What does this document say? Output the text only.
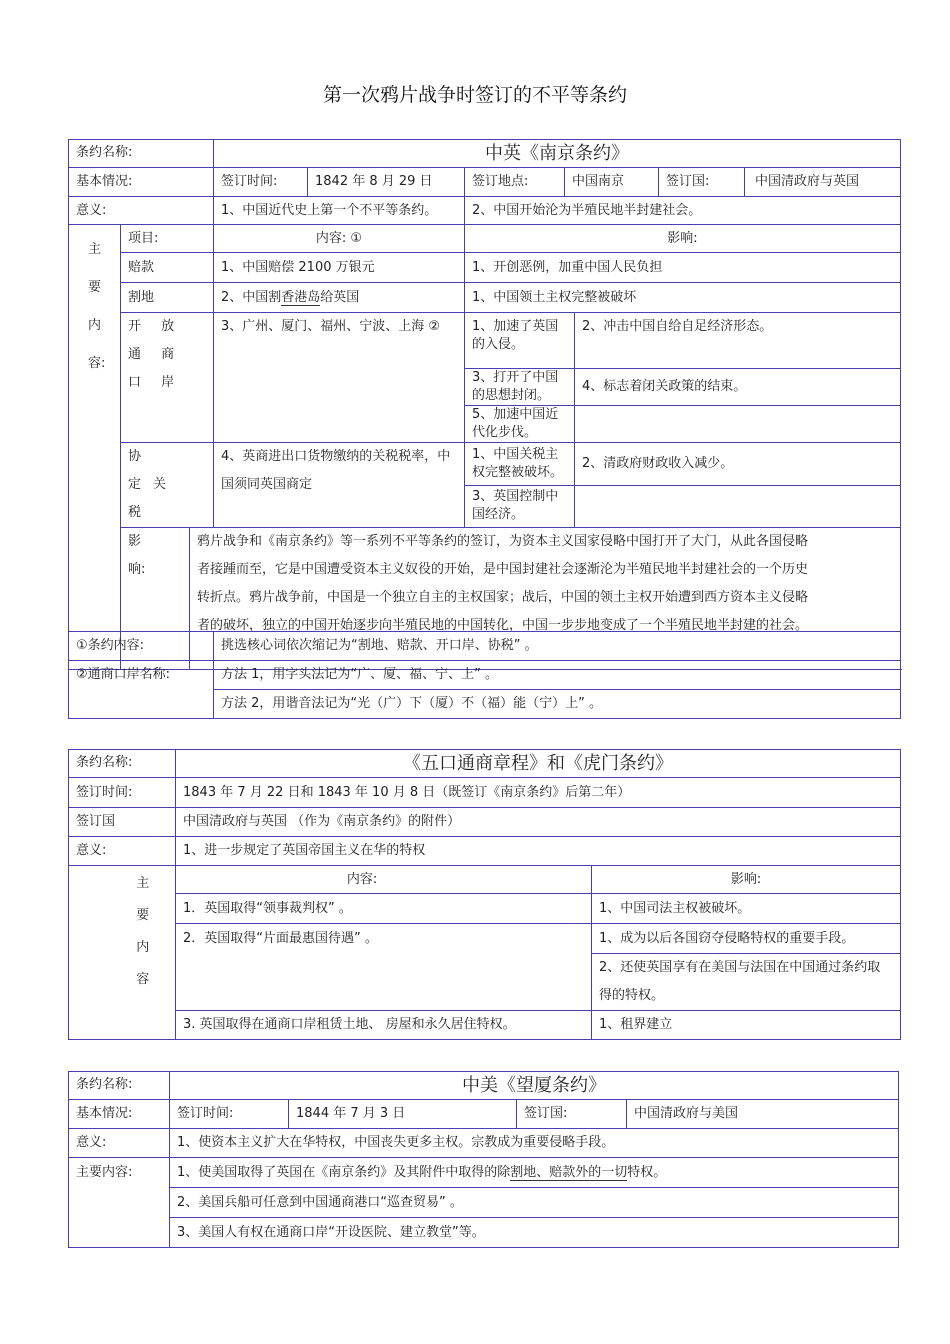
第一次鸦片战争时签订的不平等条约
条约名称:			中英《南京条约》					
基本情况:			签订时间:	1842 年 8 月 29 日	签订地点:	中国南京		签订国: 中国清政府与英国

意义:			1、中国近代史上第一个不平等条约。		2、中国开始沦为半殖民地半封建社会。			

主要内容:	项目:		内容: ①		影响:			
	赔款		1、中国赔偿 2100 万银元		1、开创恶例，加重中国人民负担			
	割地		2、中国割香港岛给英国		1、中国领土主权完整被破坏			

	开 放通 商口 岸		3、广州、厦门、福州、宁波、上海 ②		1、加速了英国的入侵。		2、冲击中国自给自足经济形态。	
					3、打开了中国的思想封闭。		4、标志着闭关政策的结束。	
					5、加速中国近代化步伐。			

	协 定关 税		4、英商进出口货物缴纳的关税税率，中国须同英国商定		1、中国关税主权完整被破坏。		2、清政府财政收入减少。	
					3、英国控制中国经济。			

	影响:	鸦片战争和《南京条约》等一系列不平等条约的签订，为资本主义国家侵略中国打开了大门，从此各国侵略者接踵而至，它是中国遭受资本主义奴役的开始，是中国封建社会逐渐沦为半殖民地半封建社会的一个历史转折点。鸦片战争前，中国是一个独立自主的主权国家；战后，中国的领土主权开始遭到西方资本主义侵略者的破坏，独立的中国开始逐步向半殖民地的中国转化，中国一步步地变成了一个半殖民地半封建的社会。						
①条约内容:	挑选核心词依次缩记为“割地、赔款、开口岸、协税” 。
②通商口岸名称:	方法 1，用字头法记为“广、厦、福、宁、上” 。
	方法 2，用谐音法记为“光（广）下（厦）不（福）能（宁）上” 。
条约名称:		《五口通商章程》和《虎门条约》	
签订时间:		1843 年 7 月 22 日和 1843 年 10 月 8 日（既签订《南京条约》后第二年）	
签订国		中国清政府与英国 （作为《南京条约》的附件）	
意义:		1、进一步规定了英国帝国主义在华的特权	

	主要内容	内容:	影响:
		1．英国取得“领事裁判权” 。	1、中国司法主权被破坏。
		2．英国取得“片面最惠国待遇” 。	1、成为以后各国窃夺侵略特权的重要手段。
			2、还使英国享有在美国与法国在中国通过条约取得的特权。
		3. 英国取得在通商口岸租赁土地、 房屋和永久居住特权。	1、租界建立
条约名称:	中美《望厦条约》			
基本情况:	签订时间:	1844 年 7 月 3 日	签订国:	中国清政府与美国
意义:	1、使资本主义扩大在华特权，中国丧失更多主权。宗教成为重要侵略手段。			
主要内容:	1、使美国取得了英国在《南京条约》及其附件中取得的除割地、赔款外的一切特权。			
	2、美国兵船可任意到中国通商港口“巡查贸易” 。			
	3、美国人有权在通商口岸“开设医院、建立教堂”等。			
